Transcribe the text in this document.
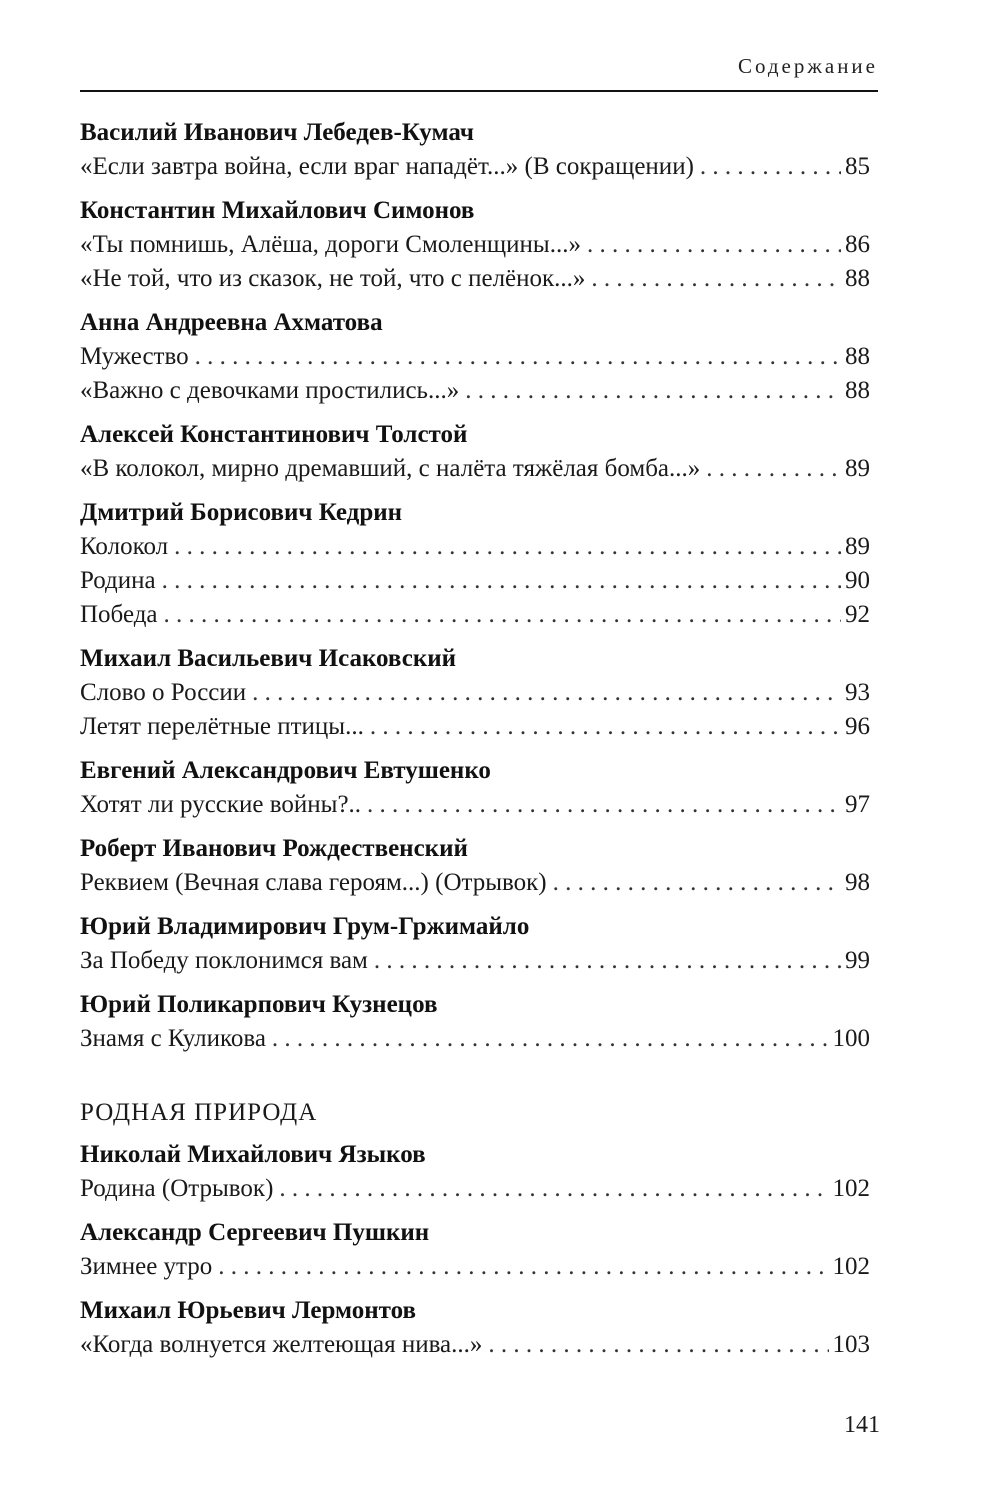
Содержание
Василий Иванович Лебедев-Кумач
«Если завтра война, если враг нападёт...» (В сокращении) . . .	85
Константин Михайлович Симонов
«Ты помнишь, Алёша, дороги Смоленщины...» . . .	86
«Не той, что из сказок, не той, что с пелёнок...» . . .	88
Анна Андреевна Ахматова
Мужество . . .	88
«Важно с девочками простились...» . . .	88
Алексей Константинович Толстой
«В колокол, мирно дремавший, с налёта тяжёлая бомба...» . . .	89
Дмитрий Борисович Кедрин
Колокол . . .	89
Родина . . .	90
Победа . . .	92
Михаил Васильевич Исаковский
Слово о России . . .	93
Летят перелётные птицы... . . .	96
Евгений Александрович Евтушенко
Хотят ли русские войны?.. . . .	97
Роберт Иванович Рождественский
Реквием (Вечная слава героям...) (Отрывок) . . .	98
Юрий Владимирович Грум-Гржимайло
За Победу поклонимся вам . . .	99
Юрий Поликарпович Кузнецов
Знамя с Куликова . . .	100
РОДНАЯ ПРИРОДА
Николай Михайлович Языков
Родина (Отрывок) . . .	102
Александр Сергеевич Пушкин
Зимнее утро . . .	102
Михаил Юрьевич Лермонтов
«Когда волнуется желтеющая нива...» . . .	103
141
